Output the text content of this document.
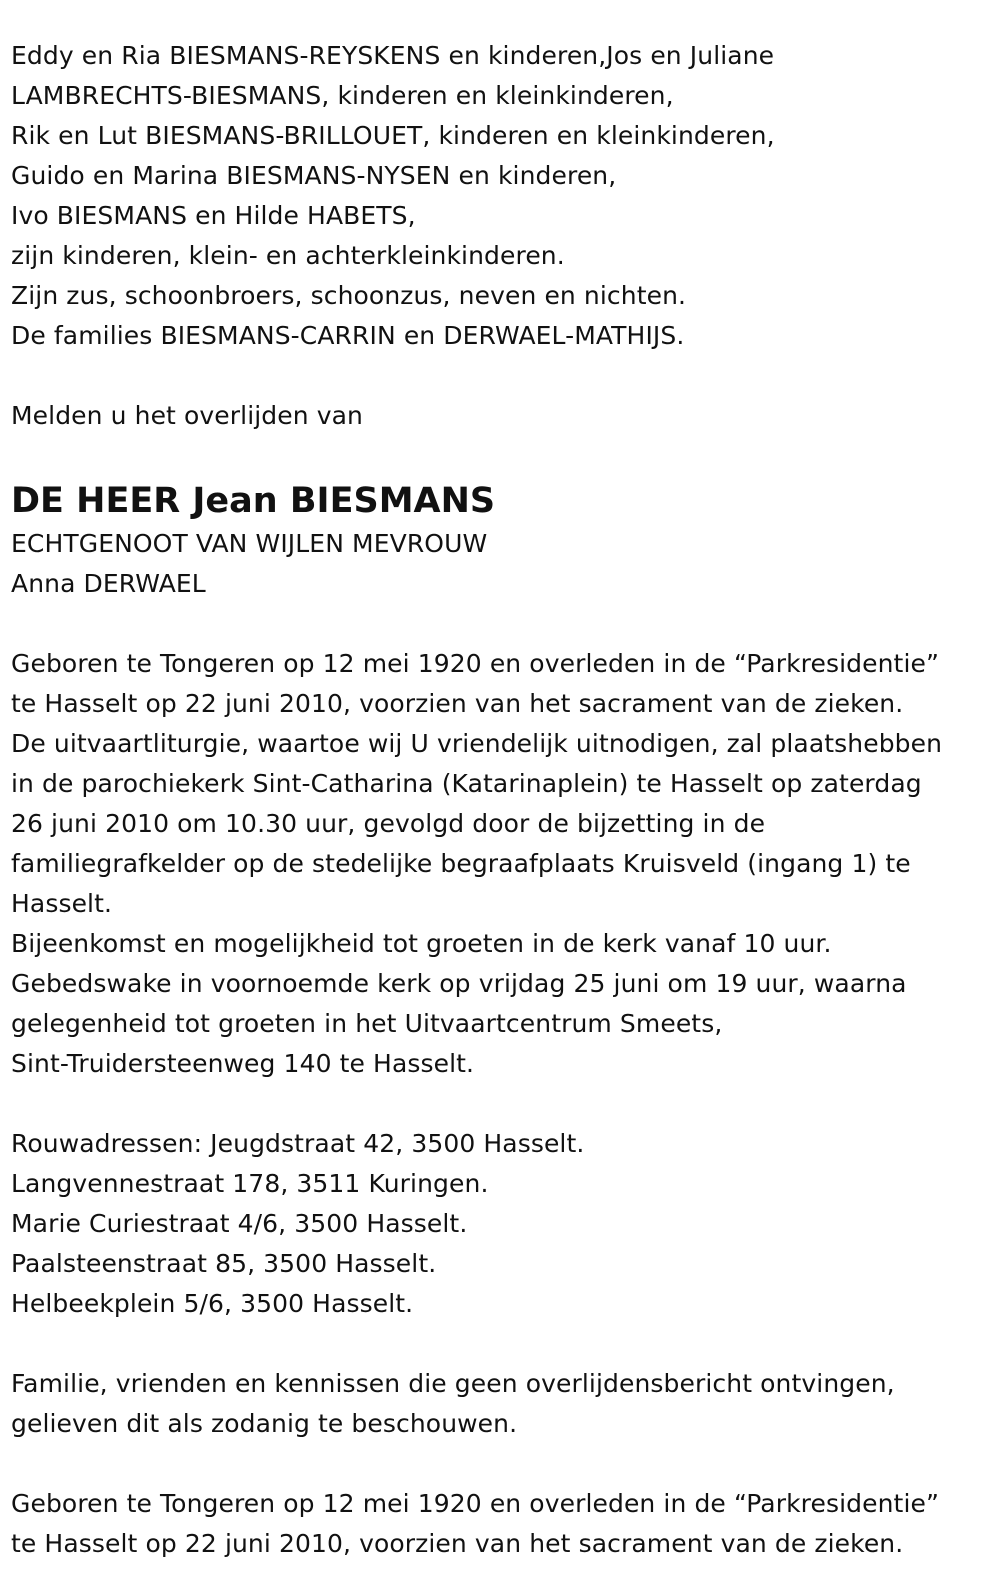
Eddy en Ria BIESMANS-REYSKENS en kinderen,Jos en Juliane
LAMBRECHTS-BIESMANS, kinderen en kleinkinderen,
Rik en Lut BIESMANS-BRILLOUET, kinderen en kleinkinderen,
Guido en Marina BIESMANS-NYSEN en kinderen,
Ivo BIESMANS en Hilde HABETS,
zijn kinderen, klein- en achterkleinkinderen.
Zijn zus, schoonbroers, schoonzus, neven en nichten.
De families BIESMANS-CARRIN en DERWAEL-MATHIJS.
Melden u het overlijden van
DE HEER Jean BIESMANS
ECHTGENOOT VAN WIJLEN MEVROUW
Anna DERWAEL
Geboren te Tongeren op 12 mei 1920 en overleden in de “Parkresidentie”
te Hasselt op 22 juni 2010, voorzien van het sacrament van de zieken.
De uitvaartliturgie, waartoe wij U vriendelijk uitnodigen, zal plaatshebben
in de parochiekerk Sint-Catharina (Katarinaplein) te Hasselt op zaterdag
26 juni 2010 om 10.30 uur, gevolgd door de bijzetting in de
familiegrafkelder op de stedelijke begraafplaats Kruisveld (ingang 1) te
Hasselt.
Bijeenkomst en mogelijkheid tot groeten in de kerk vanaf 10 uur.
Gebedswake in voornoemde kerk op vrijdag 25 juni om 19 uur, waarna
gelegenheid tot groeten in het Uitvaartcentrum Smeets,
Sint-Truidersteenweg 140 te Hasselt.
Rouwadressen: Jeugdstraat 42, 3500 Hasselt.
Langvennestraat 178, 3511 Kuringen.
Marie Curiestraat 4/6, 3500 Hasselt.
Paalsteenstraat 85, 3500 Hasselt.
Helbeekplein 5/6, 3500 Hasselt.
Familie, vrienden en kennissen die geen overlijdensbericht ontvingen,
gelieven dit als zodanig te beschouwen.
Geboren te Tongeren op 12 mei 1920 en overleden in de “Parkresidentie”
te Hasselt op 22 juni 2010, voorzien van het sacrament van de zieken.
